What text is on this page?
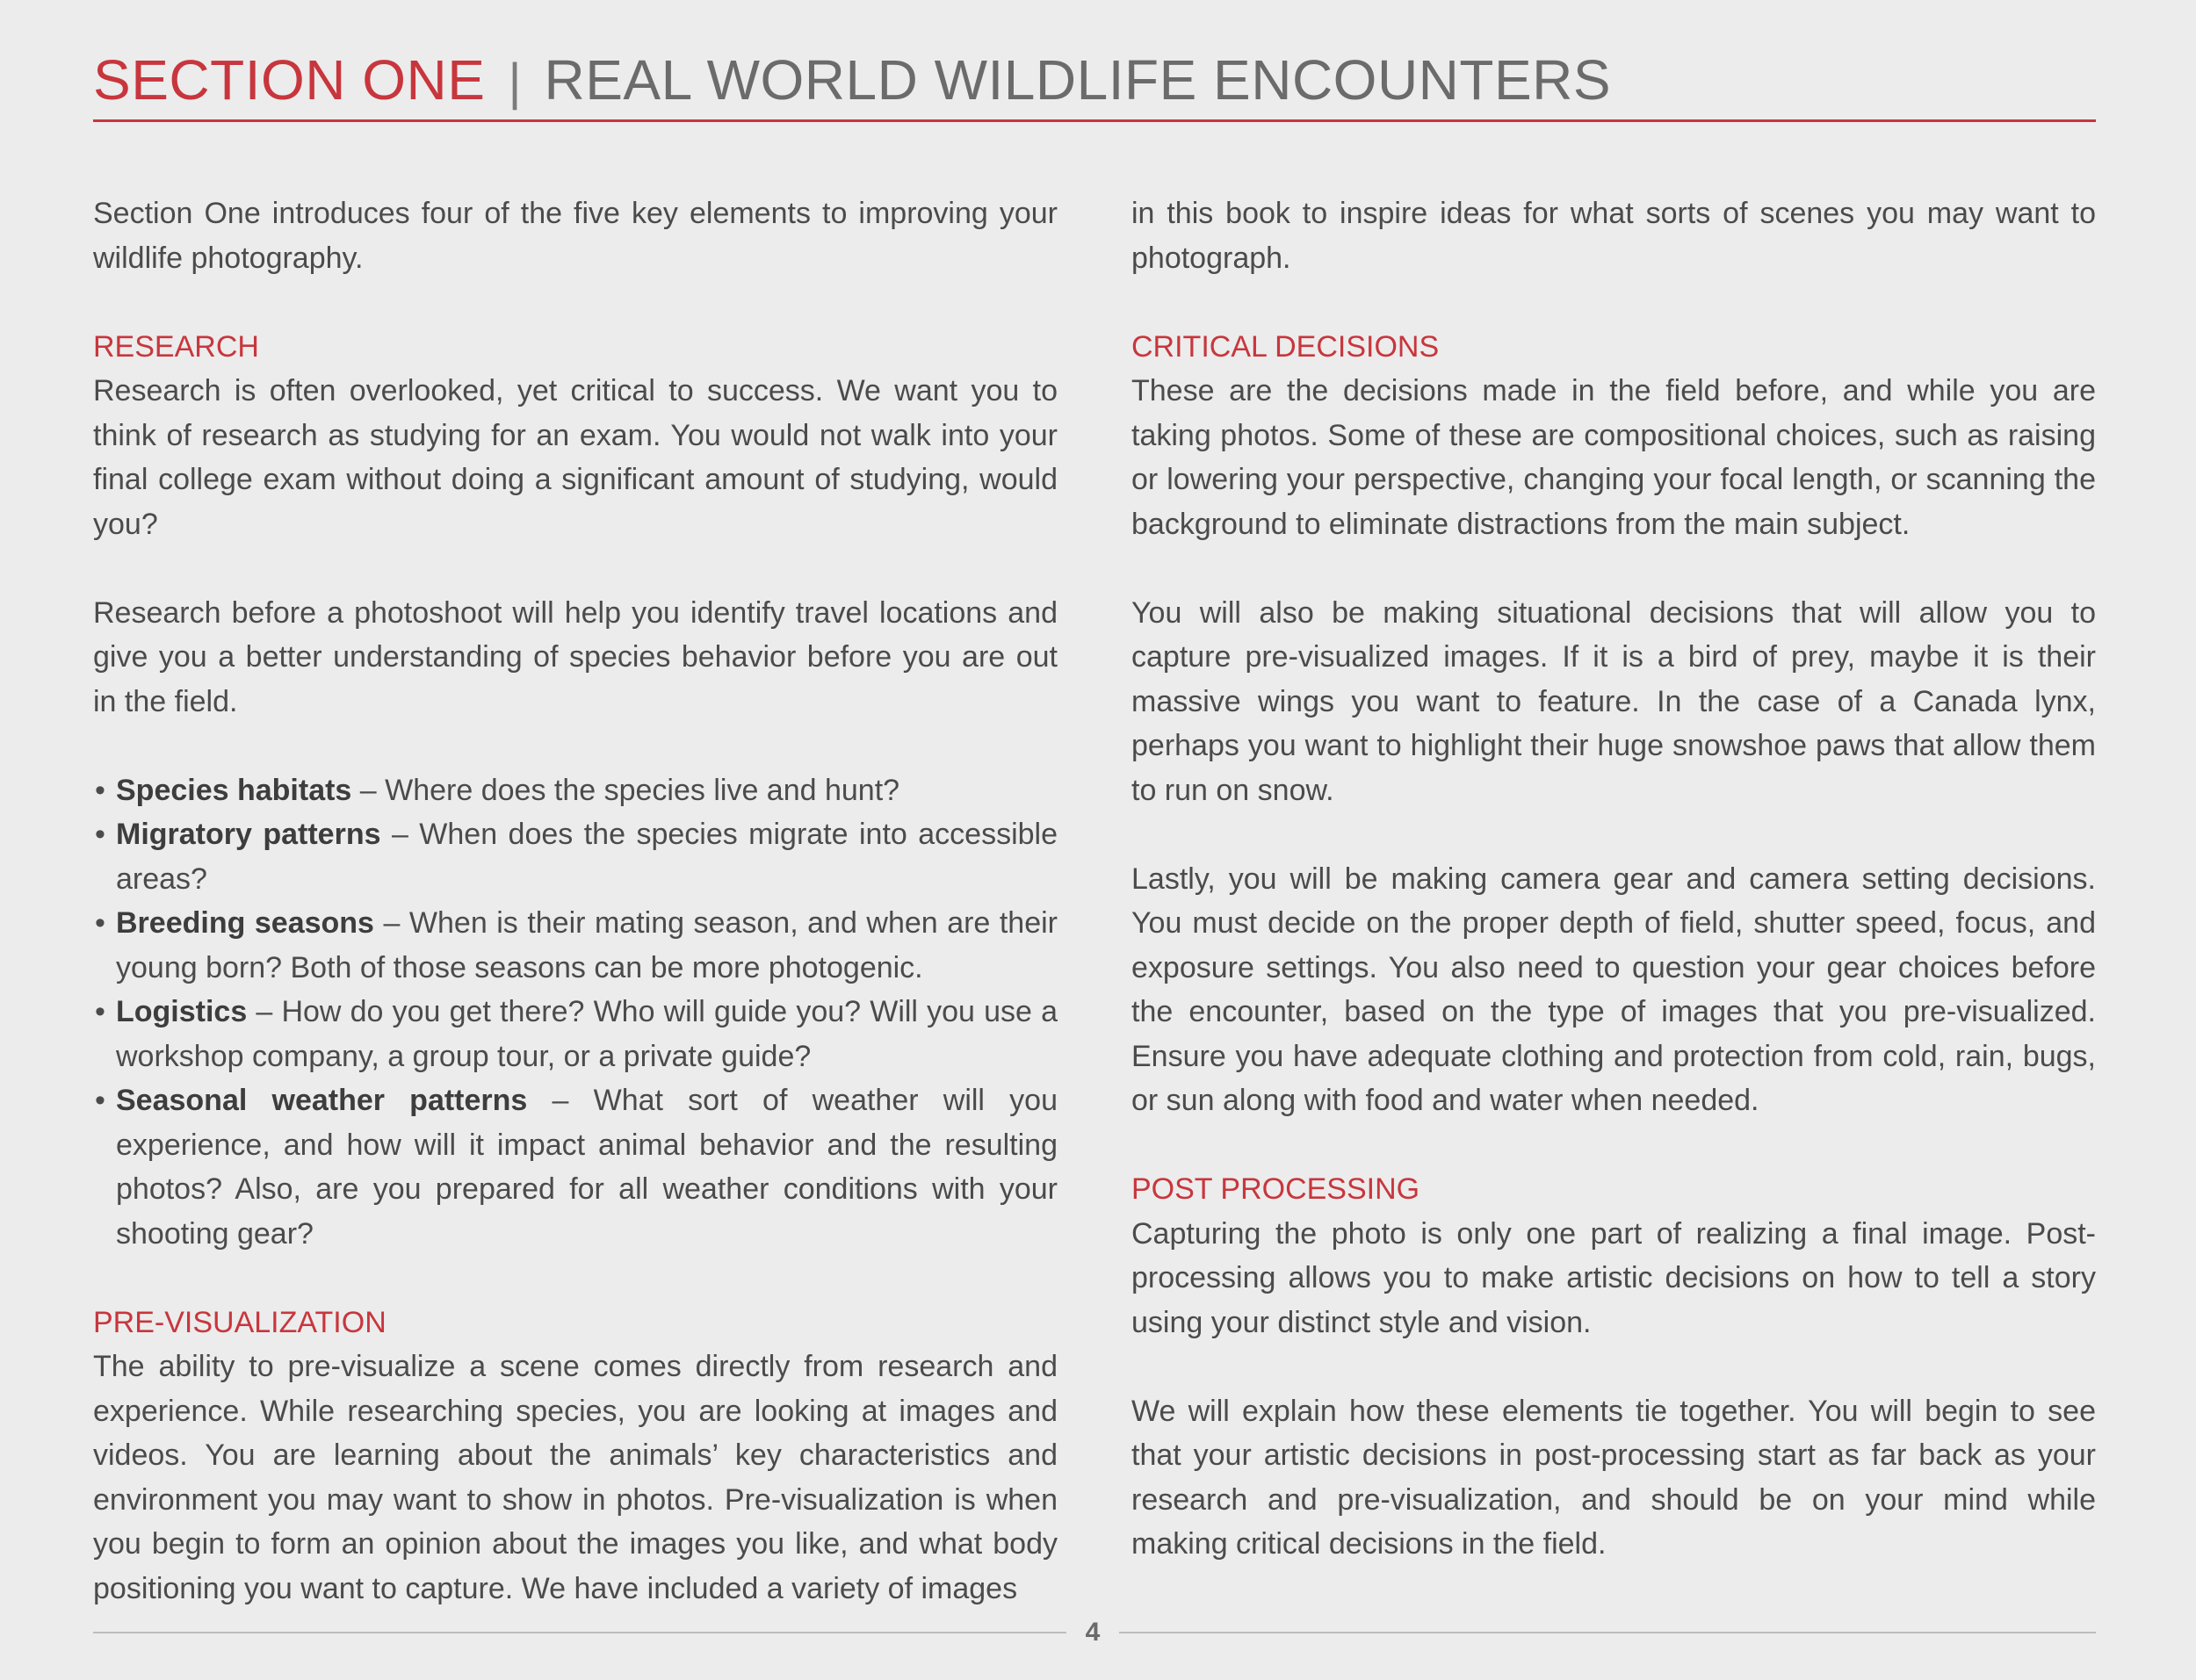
SECTION ONE | REAL WORLD WILDLIFE ENCOUNTERS

Section One introduces four of the five key elements to improving your wildlife photography.

RESEARCH

Research is often overlooked, yet critical to success. We want you to think of research as studying for an exam. You would not walk into your final college exam without doing a significant amount of studying, would you?

Research before a photoshoot will help you identify travel locations and give you a better understanding of species behavior before you are out in the field.

• Species habitats – Where does the species live and hunt?
• Migratory patterns – When does the species migrate into accessible areas?
• Breeding seasons – When is their mating season, and when are their young born? Both of those seasons can be more photogenic.
• Logistics – How do you get there? Who will guide you? Will you use a workshop company, a group tour, or a private guide?
• Seasonal weather patterns – What sort of weather will you experience, and how will it impact animal behavior and the resulting photos? Also, are you prepared for all weather conditions with your shooting gear?
PRE-VISUALIZATION

The ability to pre-visualize a scene comes directly from research and experience. While researching species, you are looking at images and videos. You are learning about the animals’ key characteristics and environment you may want to show in photos. Pre-visualization is when you begin to form an opinion about the images you like, and what body positioning you want to capture. We have included a variety of images

in this book to inspire ideas for what sorts of scenes you may want to photograph.

CRITICAL DECISIONS

These are the decisions made in the field before, and while you are taking photos. Some of these are compositional choices, such as raising or lowering your perspective, changing your focal length, or scanning the background to eliminate distractions from the main subject.

You will also be making situational decisions that will allow you to capture pre-visualized images. If it is a bird of prey, maybe it is their massive wings you want to feature. In the case of a Canada lynx, perhaps you want to highlight their huge snowshoe paws that allow them to run on snow.

Lastly, you will be making camera gear and camera setting decisions. You must decide on the proper depth of field, shutter speed, focus, and exposure settings. You also need to question your gear choices before the encounter, based on the type of images that you pre-visualized. Ensure you have adequate clothing and protection from cold, rain, bugs, or sun along with food and water when needed.

POST PROCESSING

Capturing the photo is only one part of realizing a final image. Post-processing allows you to make artistic decisions on how to tell a story using your distinct style and vision.

We will explain how these elements tie together. You will begin to see that your artistic decisions in post-processing start as far back as your research and pre-visualization, and should be on your mind while making critical decisions in the field.

4
